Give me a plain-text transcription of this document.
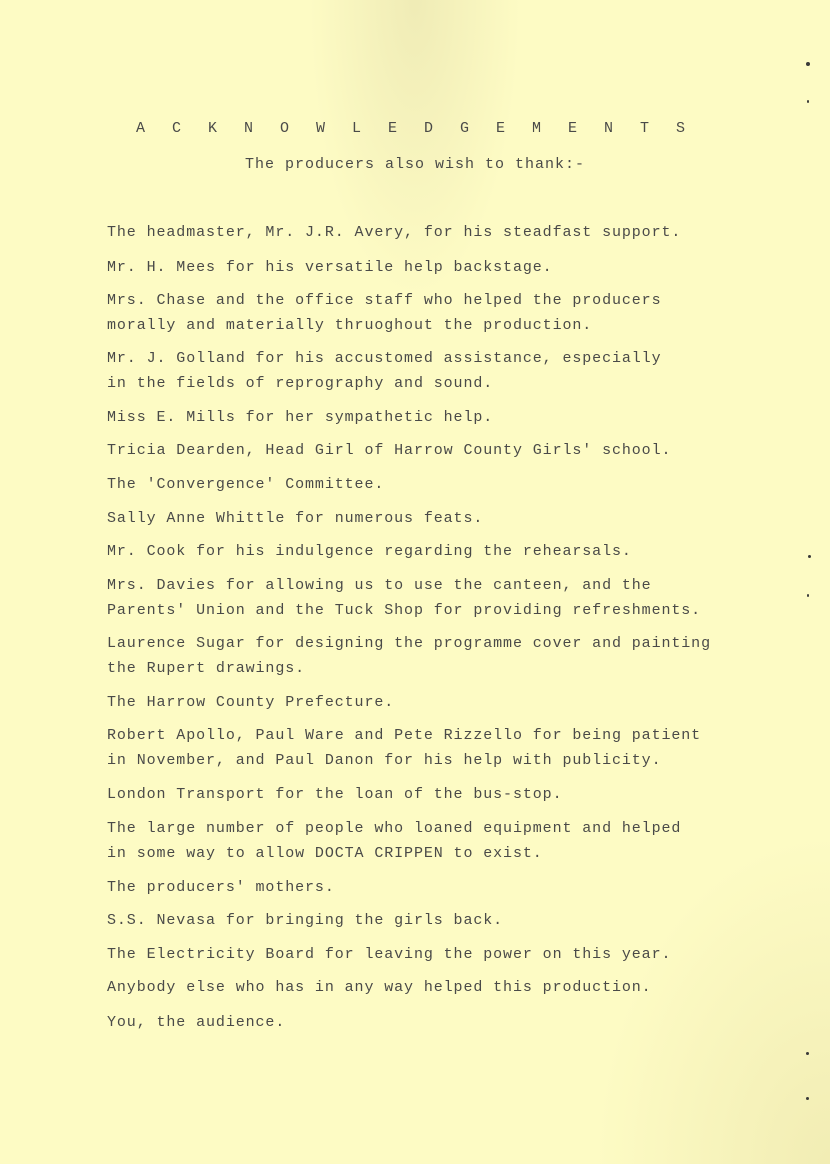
A C K N O W L E D G E M E N T S
The producers also wish to thank:-
The headmaster, Mr. J.R. Avery, for his steadfast support.
Mr. H. Mees for his versatile help backstage.
Mrs. Chase and the office staff who helped the producers
morally and materially thruoghout the production.
Mr. J. Golland for his accustomed assistance, especially
in the fields of reprography and sound.
Miss E. Mills for her sympathetic help.
Tricia Dearden, Head Girl of Harrow County Girls' school.
The 'Convergence' Committee.
Sally Anne Whittle for numerous feats.
Mr. Cook for his indulgence regarding the rehearsals.
Mrs. Davies for allowing us to use the canteen, and the
Parents' Union and the Tuck Shop for providing refreshments.
Laurence Sugar for designing the programme cover and painting
the Rupert drawings.
The Harrow County Prefecture.
Robert Apollo, Paul Ware and Pete Rizzello for being patient
in November, and Paul Danon for his help with publicity.
London Transport for the loan of the bus-stop.
The large number of people who loaned equipment and helped
in some way to allow DOCTA CRIPPEN to exist.
The producers' mothers.
S.S. Nevasa for bringing the girls back.
The Electricity Board for leaving the power on this year.
Anybody else who has in any way helped this production.
You, the audience.
